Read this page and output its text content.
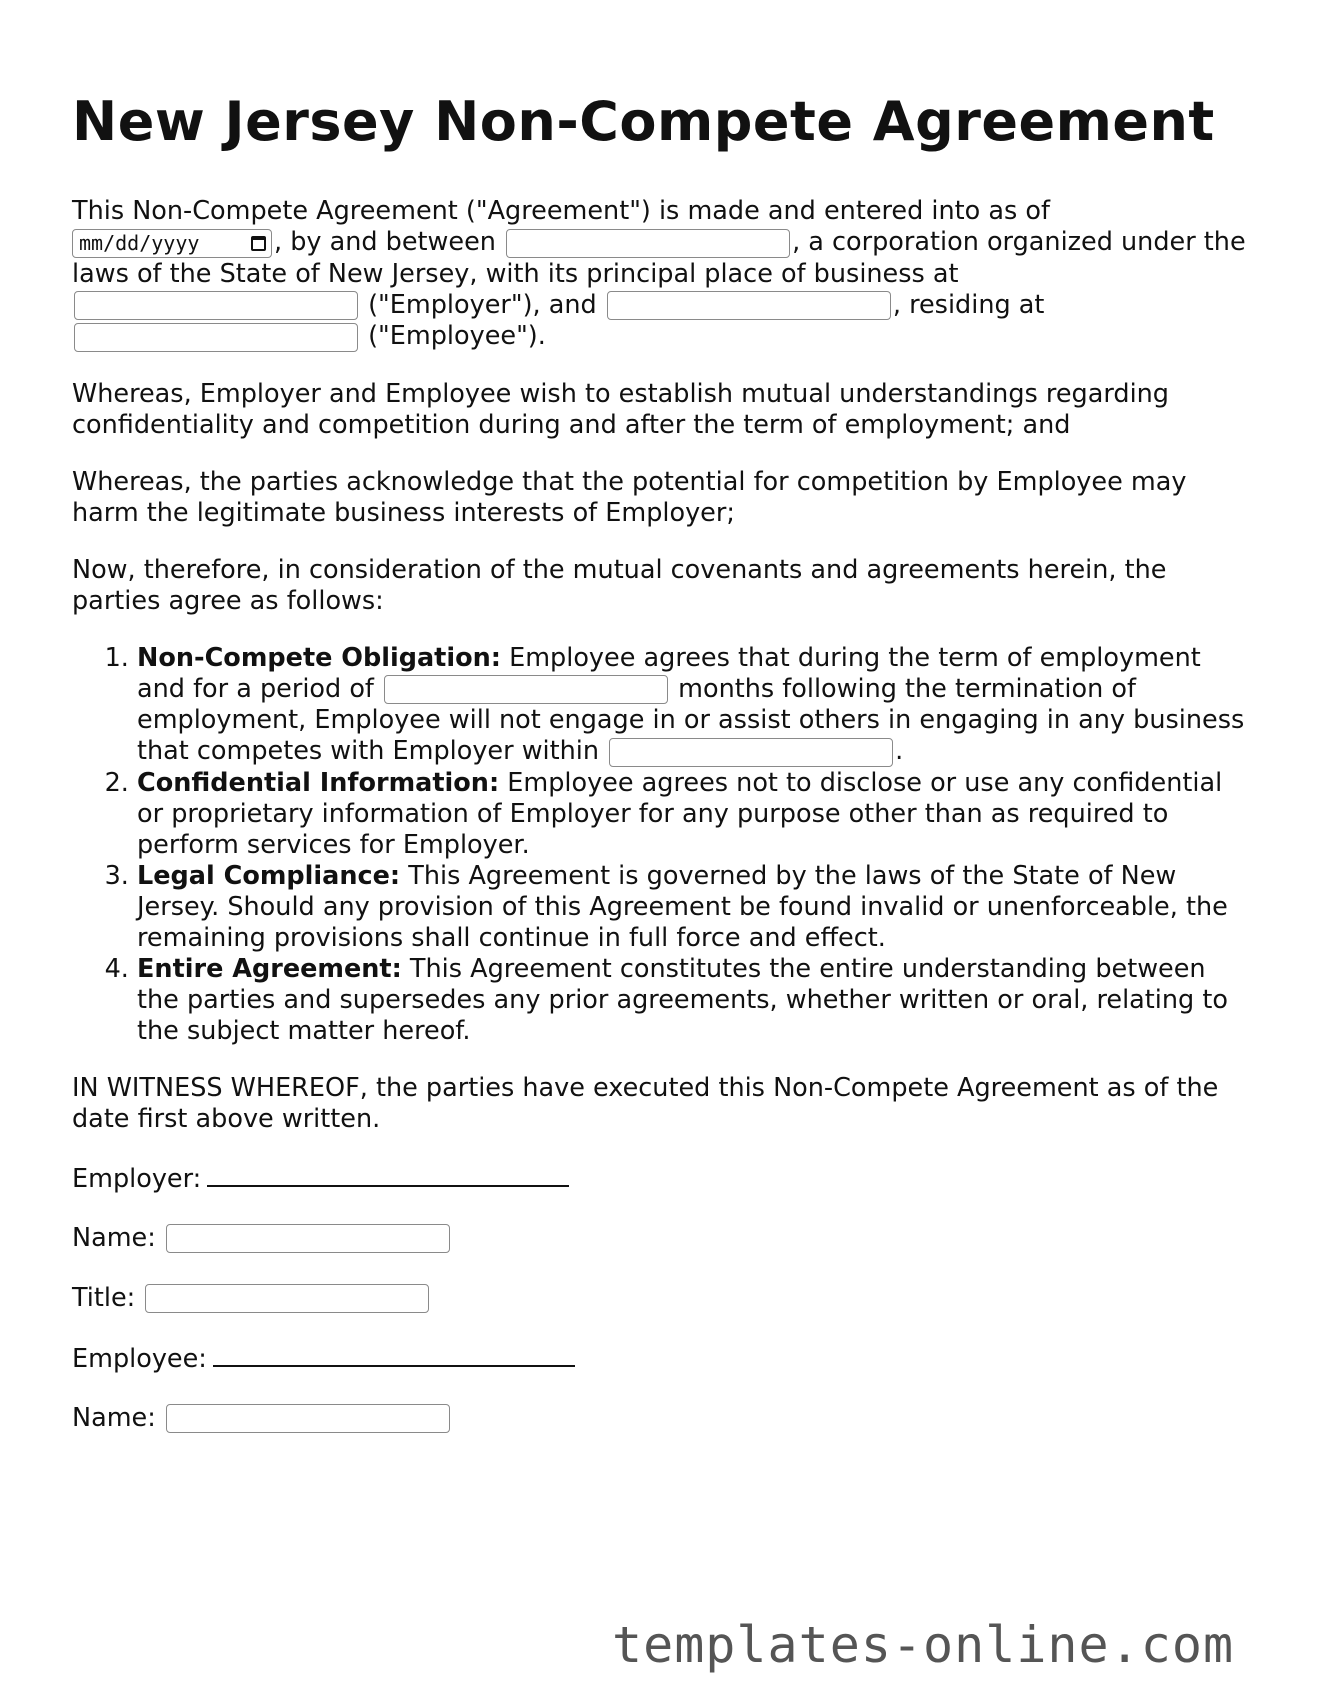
New Jersey Non-Compete Agreement

This Non-Compete Agreement ("Agreement") is made and entered into as of

mm/dd/yyyy	, by and between	, a corporation organized under the laws of the State of New Jersey, with its principal place of business at  ("Employer"), and	, residing at  ("Employee").

Whereas, Employer and Employee wish to establish mutual understandings regarding confidentiality and competition during and after the term of employment; and

Whereas, the parties acknowledge that the potential for competition by Employee may harm the legitimate business interests of Employer;

Now, therefore, in consideration of the mutual covenants and agreements herein, the parties agree as follows:

1. Non-Compete Obligation: Employee agrees that during the term of employment and for a period of	months following the termination of employment, Employee will not engage in or assist others in engaging in any business that competes with Employer within	.
2. Confidential Information: Employee agrees not to disclose or use any confidential or proprietary information of Employer for any purpose other than as required to perform services for Employer.
3. Legal Compliance: This Agreement is governed by the laws of the State of New Jersey. Should any provision of this Agreement be found invalid or unenforceable, the remaining provisions shall continue in full force and effect.
4. Entire Agreement: This Agreement constitutes the entire understanding between the parties and supersedes any prior agreements, whether written or oral, relating to the subject matter hereof.

IN WITNESS WHEREOF, the parties have executed this Non-Compete Agreement as of the date first above written.

Employer:
Name:
Title:
Employee:
Name:
templates-online.com
